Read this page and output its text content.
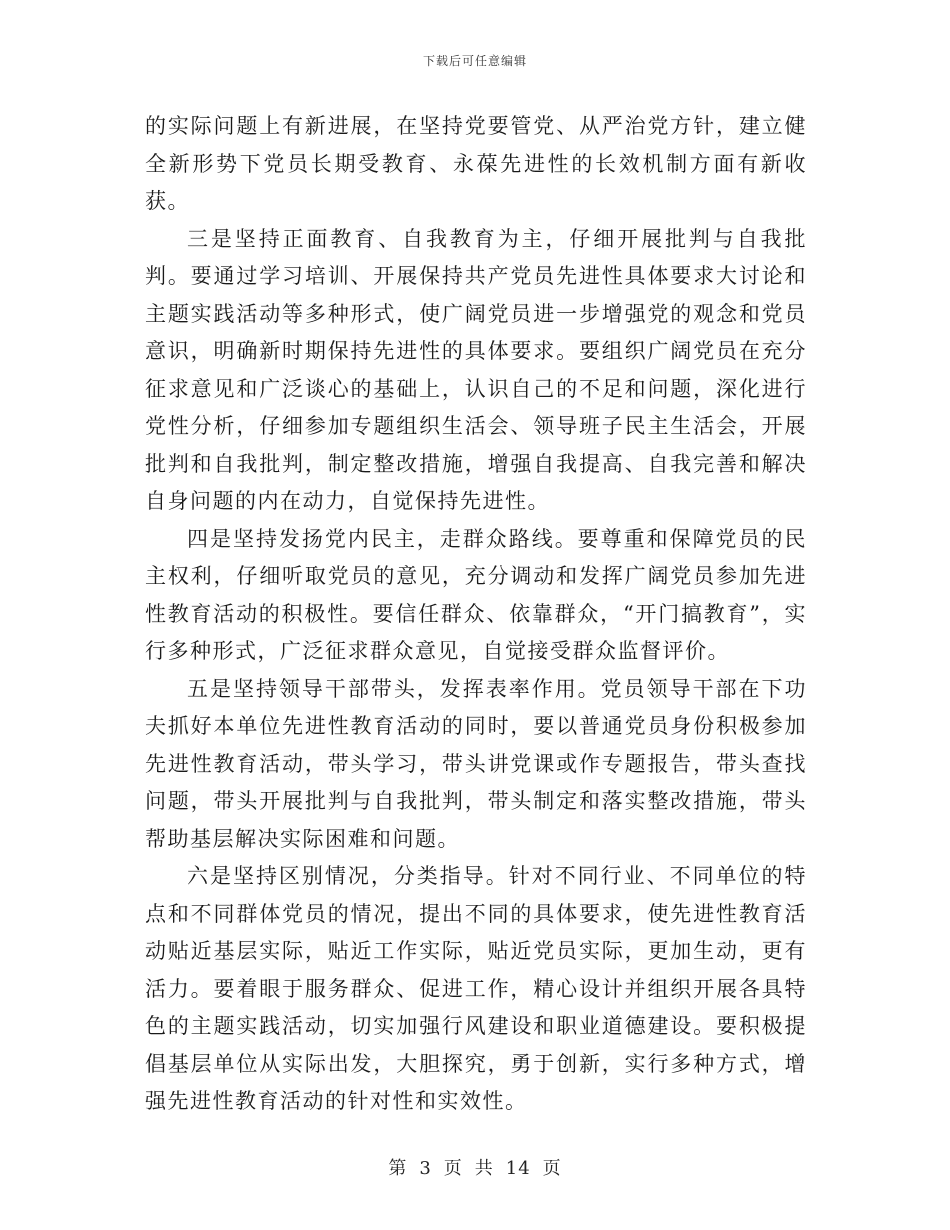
下载后可任意编辑

的实际问题上有新进展，在坚持党要管党、从严治党方针，建立健全新形势下党员长期受教育、永葆先进性的长效机制方面有新收获。

三是坚持正面教育、自我教育为主，仔细开展批判与自我批判。要通过学习培训、开展保持共产党员先进性具体要求大讨论和主题实践活动等多种形式，使广阔党员进一步增强党的观念和党员意识，明确新时期保持先进性的具体要求。要组织广阔党员在充分征求意见和广泛谈心的基础上，认识自己的不足和问题，深化进行党性分析，仔细参加专题组织生活会、领导班子民主生活会，开展批判和自我批判，制定整改措施，增强自我提高、自我完善和解决自身问题的内在动力，自觉保持先进性。

四是坚持发扬党内民主，走群众路线。要尊重和保障党员的民主权利，仔细听取党员的意见，充分调动和发挥广阔党员参加先进性教育活动的积极性。要信任群众、依靠群众，“开门搞教育”，实行多种形式，广泛征求群众意见，自觉接受群众监督评价。

五是坚持领导干部带头，发挥表率作用。党员领导干部在下功夫抓好本单位先进性教育活动的同时，要以普通党员身份积极参加先进性教育活动，带头学习，带头讲党课或作专题报告，带头查找问题，带头开展批判与自我批判，带头制定和落实整改措施，带头帮助基层解决实际困难和问题。

六是坚持区别情况，分类指导。针对不同行业、不同单位的特点和不同群体党员的情况，提出不同的具体要求，使先进性教育活动贴近基层实际，贴近工作实际，贴近党员实际，更加生动，更有活力。要着眼于服务群众、促进工作，精心设计并组织开展各具特色的主题实践活动，切实加强行风建设和职业道德建设。要积极提倡基层单位从实际出发，大胆探究，勇于创新，实行多种方式，增强先进性教育活动的针对性和实效性。

第 3 页 共 14 页
